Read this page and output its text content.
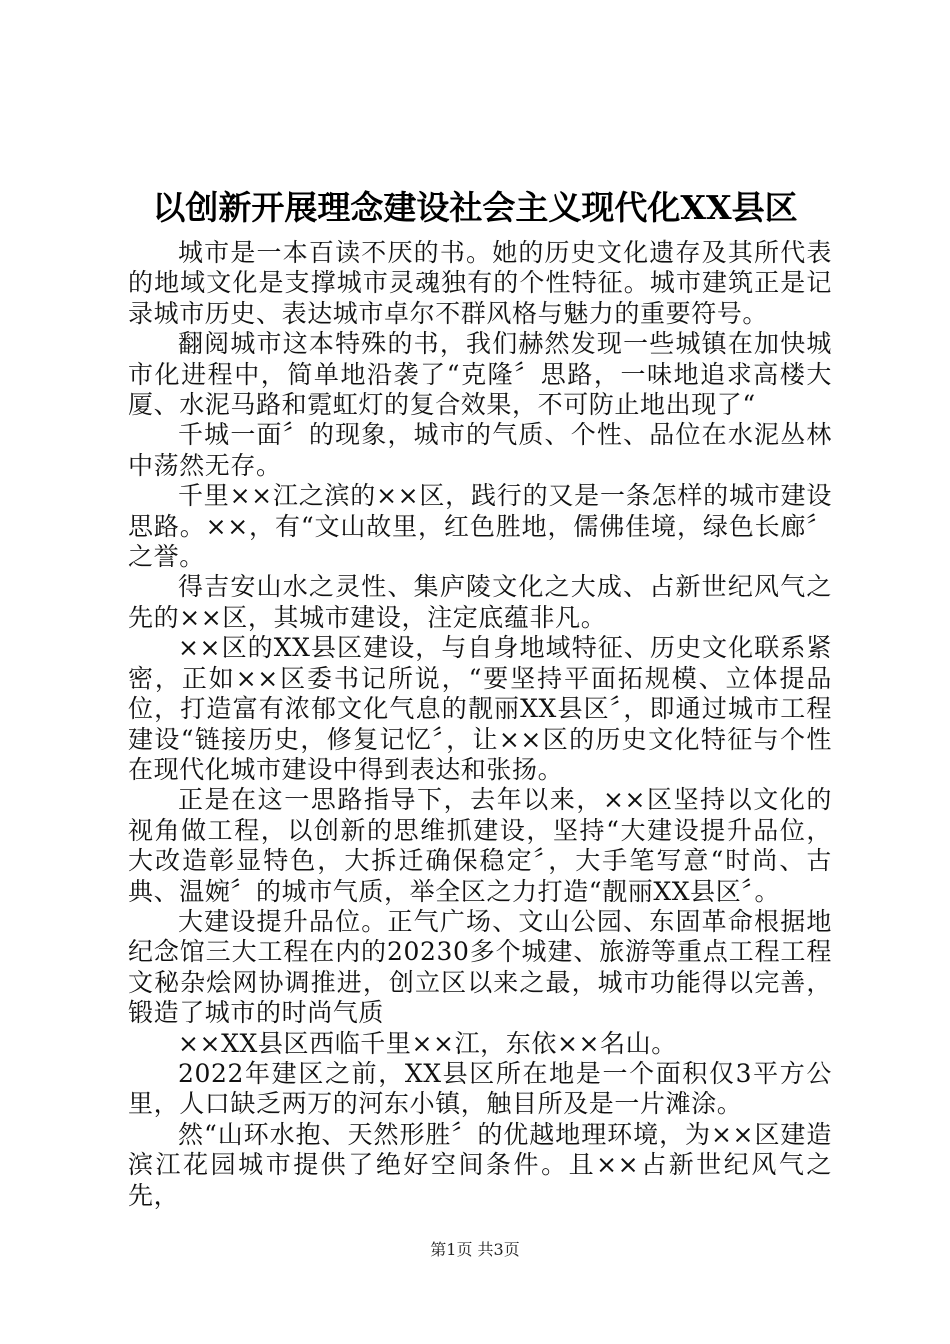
以创新开展理念建设社会主义现代化XX县区

城市是一本百读不厌的书。她的历史文化遗存及其所代表的地域文化是支撑城市灵魂独有的个性特征。城市建筑正是记录城市历史、表达城市卓尔不群风格与魅力的重要符号。

翻阅城市这本特殊的书，我们赫然发现一些城镇在加快城市化进程中，简单地沿袭了“克隆〞思路，一味地追求高楼大厦、水泥马路和霓虹灯的复合效果，不可防止地出现了“

千城一面〞的现象，城市的气质、个性、品位在水泥丛林中荡然无存。

千里××江之滨的××区，践行的又是一条怎样的城市建设思路。××，有“文山故里，红色胜地，儒佛佳境，绿色长廊〞之誉。

得吉安山水之灵性、集庐陵文化之大成、占新世纪风气之先的××区，其城市建设，注定底蕴非凡。

××区的XX县区建设，与自身地域特征、历史文化联系紧密，正如××区委书记所说，“要坚持平面拓规模、立体提品位，打造富有浓郁文化气息的靓丽XX县区〞，即通过城市工程建设“链接历史，修复记忆〞，让××区的历史文化特征与个性在现代化城市建设中得到表达和张扬。

正是在这一思路指导下，去年以来，××区坚持以文化的视角做工程，以创新的思维抓建设，坚持“大建设提升品位，大改造彰显特色，大拆迁确保稳定〞，大手笔写意“时尚、古典、温婉〞的城市气质，举全区之力打造“靓丽XX县区〞。

大建设提升品位。正气广场、文山公园、东固革命根据地纪念馆三大工程在内的20230多个城建、旅游等重点工程工程文秘杂烩网协调推进，创立区以来之最，城市功能得以完善，锻造了城市的时尚气质

××XX县区西临千里××江，东依××名山。

2022年建区之前，XX县区所在地是一个面积仅3平方公里，人口缺乏两万的河东小镇，触目所及是一片滩涂。

然“山环水抱、天然形胜〞的优越地理环境，为××区建造滨江花园城市提供了绝好空间条件。且××占新世纪风气之先，

第1页 共3页
